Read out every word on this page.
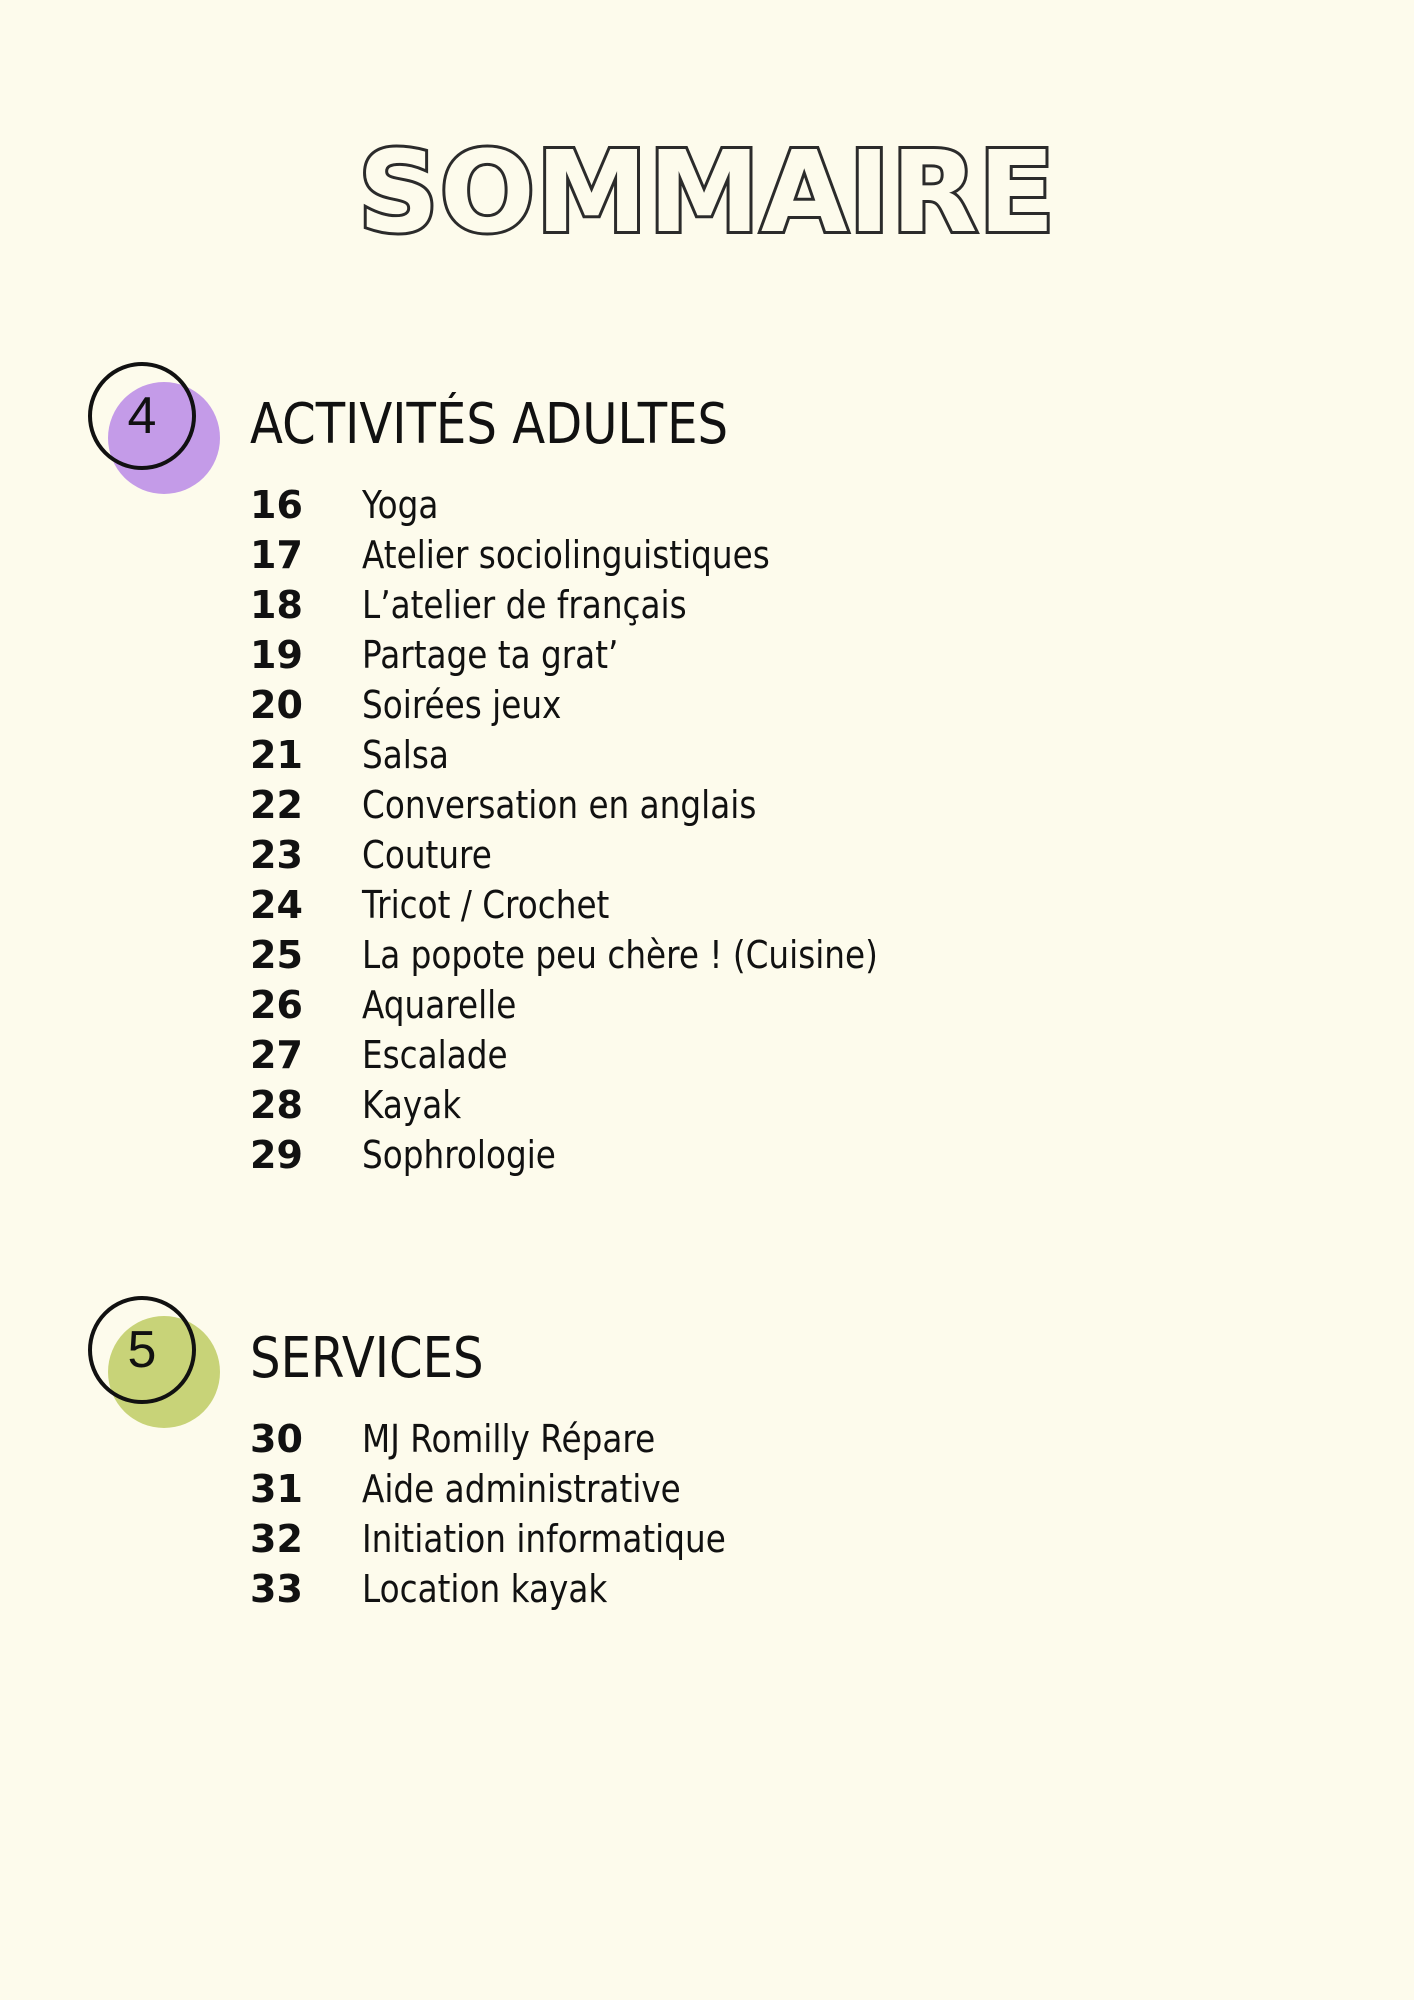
SOMMAIRE
4	ACTIVITÉS ADULTES
16	Yoga
17	Atelier sociolinguistiques
18	L’atelier de français
19	Partage ta grat’
20	Soirées jeux
21	Salsa
22	Conversation en anglais
23	Couture
24	Tricot / Crochet
25	La popote peu chère ! (Cuisine)
26	Aquarelle
27	Escalade
28	Kayak
29	Sophrologie
5	SERVICES
30	MJ Romilly Répare
31	Aide administrative
32	Initiation informatique
33	Location kayak
